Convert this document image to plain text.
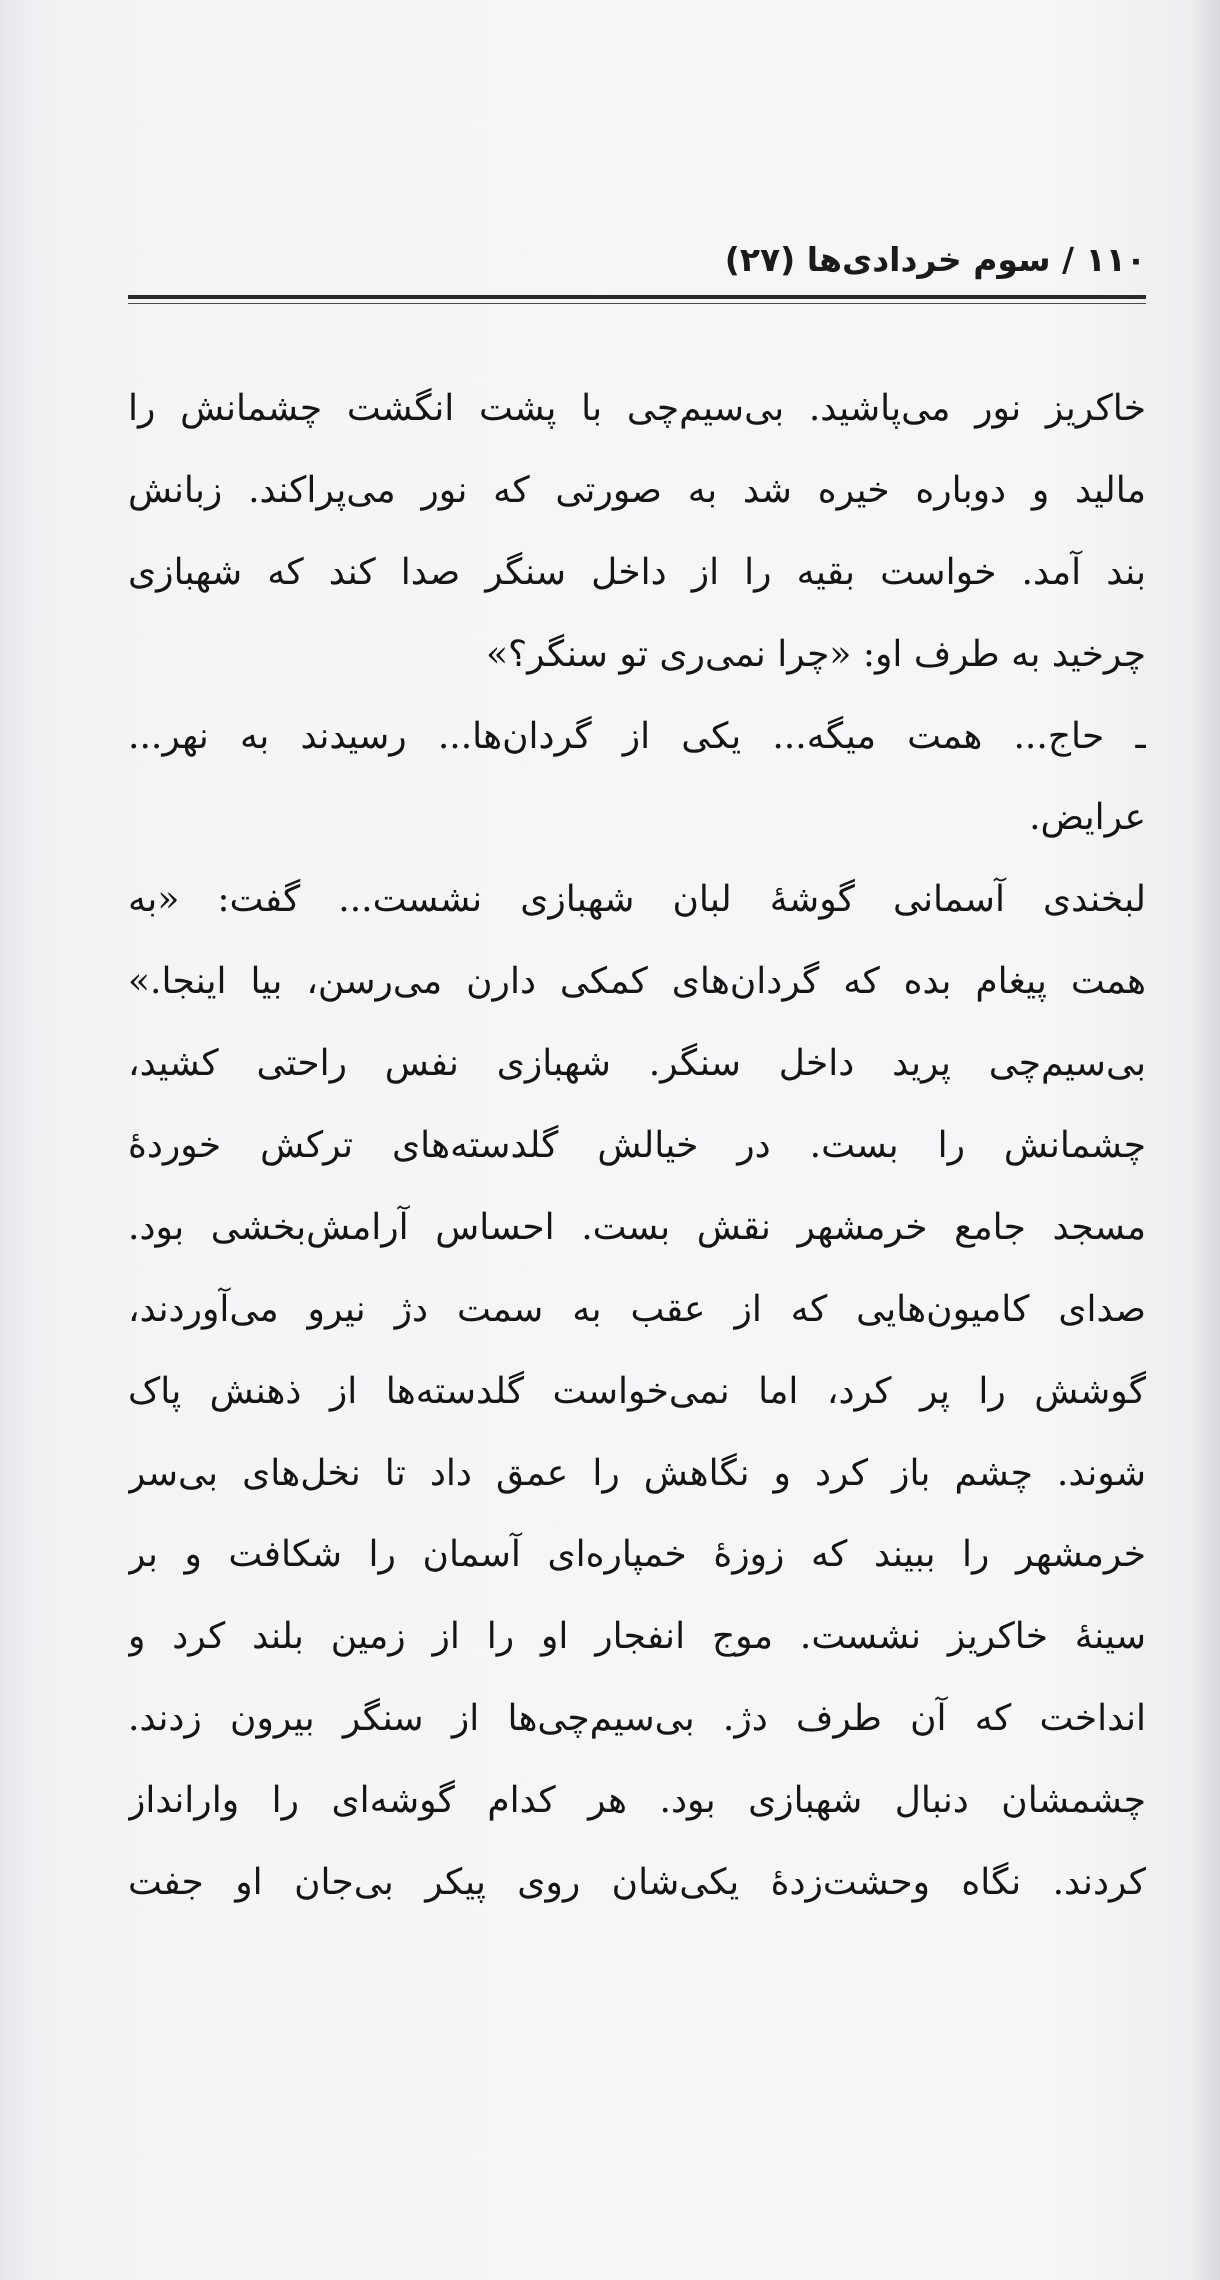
۱۱۰ / سوم خردادی‌ها (۲۷)
خاکریز نور می‌پاشید. بی‌سیم‌چی با پشت انگشت چشمانش را
مالید و دوباره خیره شد به صورتی که نور می‌پراکند. زبانش
بند آمد. خواست بقیه را از داخل سنگر صدا کند که شهبازی
چرخید به طرف او: «چرا نمی‌ری تو سنگر؟»
ـ حاج... همت میگه... یکی از گردان‌ها... رسیدند به نهر...
عرایض.
لبخندی آسمانی گوشهٔ لبان شهبازی نشست... گفت: «به
همت پیغام بده که گردان‌های کمکی دارن می‌رسن، بیا اینجا.»
بی‌سیم‌چی پرید داخل سنگر. شهبازی نفس راحتی کشید،
چشمانش را بست. در خیالش گلدسته‌های ترکش خوردهٔ
مسجد جامع خرمشهر نقش بست. احساس آرامش‌بخشی بود.
صدای کامیون‌هایی که از عقب به سمت دژ نیرو می‌آوردند،
گوشش را پر کرد، اما نمی‌خواست گلدسته‌ها از ذهنش پاک
شوند. چشم باز کرد و نگاهش را عمق داد تا نخل‌های بی‌سر
خرمشهر را ببیند که زوزهٔ خمپاره‌ای آسمان را شکافت و بر
سینهٔ خاکریز نشست. موج انفجار او را از زمین بلند کرد و
انداخت که آن طرف دژ. بی‌سیم‌چی‌ها از سنگر بیرون زدند.
چشمشان دنبال شهبازی بود. هر کدام گوشه‌ای را وارانداز
کردند. نگاه وحشت‌زدهٔ یکی‌شان روی پیکر بی‌جان او جفت
